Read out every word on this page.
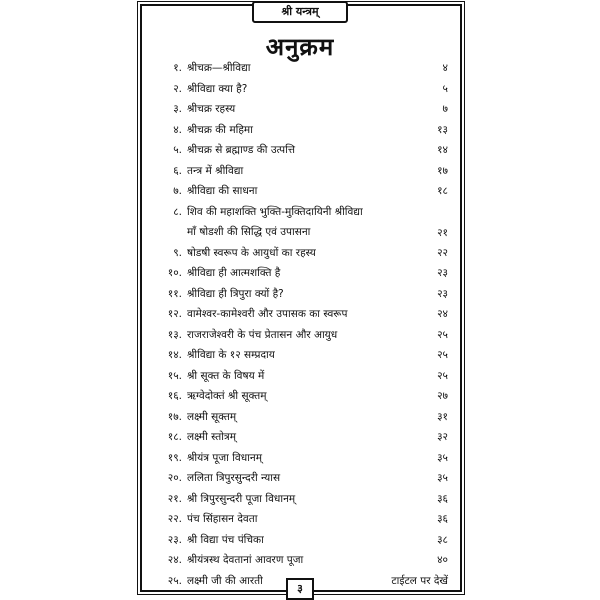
श्री यन्त्रम्
अनुक्रम
१. श्रीचक्र—श्रीविद्या	४
२. श्रीविद्या क्या है?	५
३. श्रीचक्र रहस्य	७
४. श्रीचक्र की महिमा	१३
५. श्रीचक्र से ब्रह्माण्ड की उत्पत्ति	१४
६. तन्त्र में श्रीविद्या	१७
७. श्रीविद्या की साधना	१८
८. शिव की महाशक्ति भुक्ति-मुक्तिदायिनी श्रीविद्या
माँ षोडशी की सिद्धि एवं उपासना	२१
९. षोडषी स्वरूप के आयुधों का रहस्य	२२
१०. श्रीविद्या ही आत्मशक्ति है	२३
११. श्रीविद्या ही त्रिपुरा क्यों है?	२३
१२. वामेश्वर-कामेश्वरी और उपासक का स्वरूप	२४
१३. राजराजेश्वरी के पंच प्रेतासन और आयुध	२५
१४. श्रीविद्या के १२ सम्प्रदाय	२५
१५. श्री सूक्त के विषय में	२५
१६. ऋग्वेदोक्तं श्री सूक्तम्	२७
१७. लक्ष्मी सूक्तम्	३१
१८. लक्ष्मी स्तोत्रम्	३२
१९. श्रीयंत्र पूजा विधानम्	३५
२०. ललिता त्रिपुरसुन्दरी न्यास	३५
२१. श्री त्रिपुरसुन्दरी पूजा विधानम्	३६
२२. पंच सिंहासन देवता	३६
२३. श्री विद्या पंच पंचिका	३८
२४. श्रीयंत्रस्थ देवतानां आवरण पूजा	४०
२५. लक्ष्मी जी की आरती	टाईटल पर देखें
३
